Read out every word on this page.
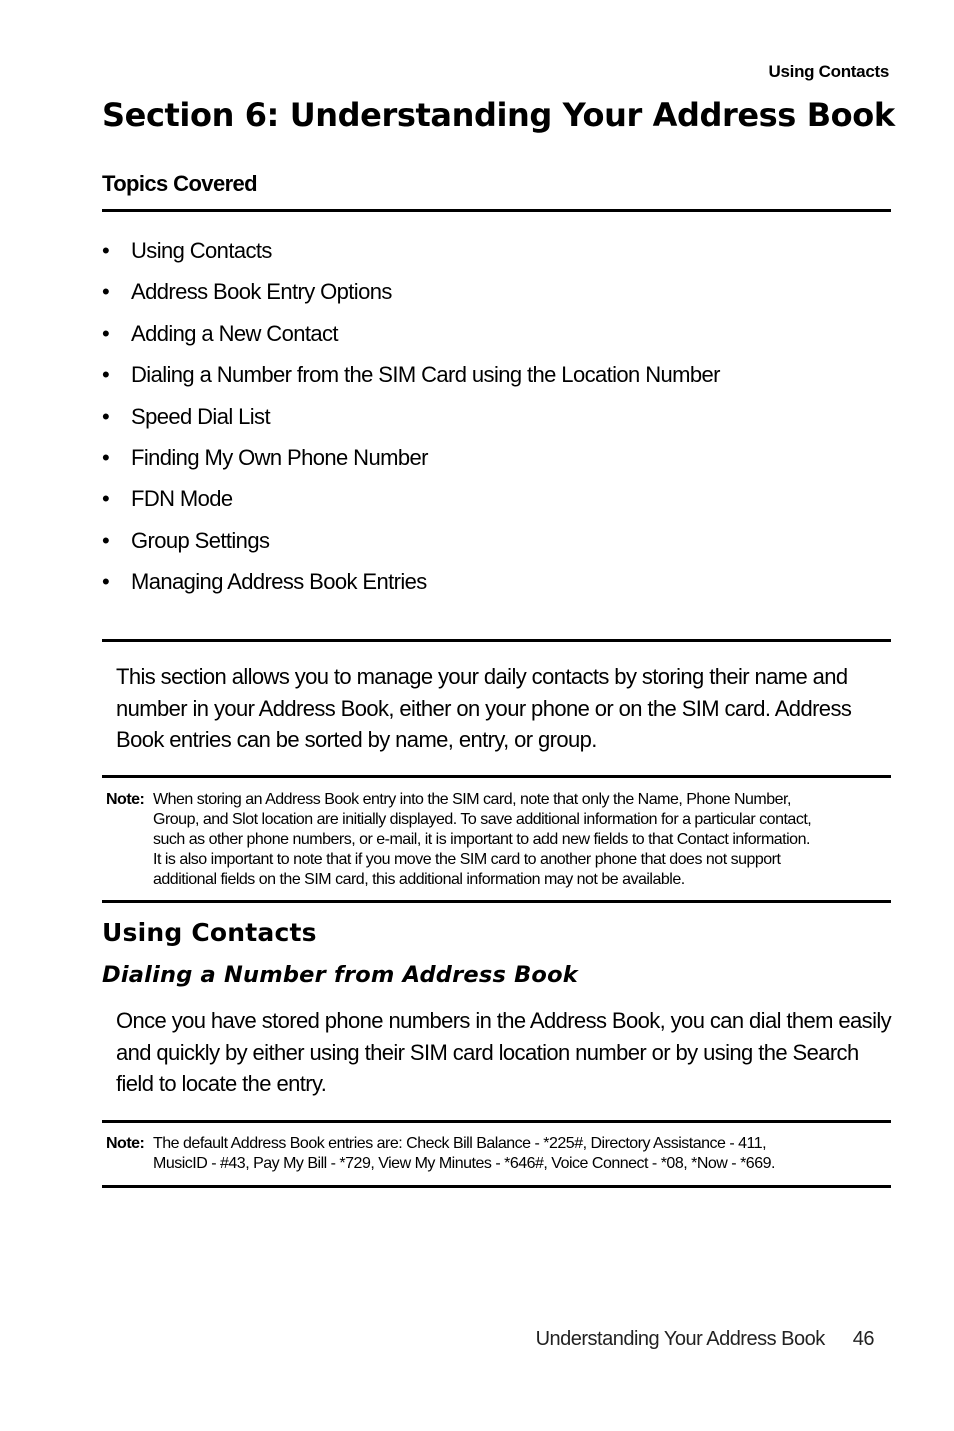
Using Contacts
Section 6: Understanding Your Address Book
Topics Covered
• Using Contacts
• Address Book Entry Options
• Adding a New Contact
• Dialing a Number from the SIM Card using the Location Number
• Speed Dial List
• Finding My Own Phone Number
• FDN Mode
• Group Settings
• Managing Address Book Entries
This section allows you to manage your daily contacts by storing their name and
number in your Address Book, either on your phone or on the SIM card. Address
Book entries can be sorted by name, entry, or group.
Note: When storing an Address Book entry into the SIM card, note that only the Name, Phone Number,

Group, and Slot location are initially displayed. To save additional information for a particular contact,

such as other phone numbers, or e-mail, it is important to add new fields to that Contact information.

It is also important to note that if you move the SIM card to another phone that does not support

additional fields on the SIM card, this additional information may not be available.

Using Contacts
Dialing a Number from Address Book
Once you have stored phone numbers in the Address Book, you can dial them easily
and quickly by either using their SIM card location number or by using the Search
field to locate the entry.
Note: The default Address Book entries are: Check Bill Balance - *225#, Directory Assistance - 411,

MusicID - #43, Pay My Bill - *729, View My Minutes - *646#, Voice Connect - *08, *Now - *669.

Understanding Your Address Book 46
